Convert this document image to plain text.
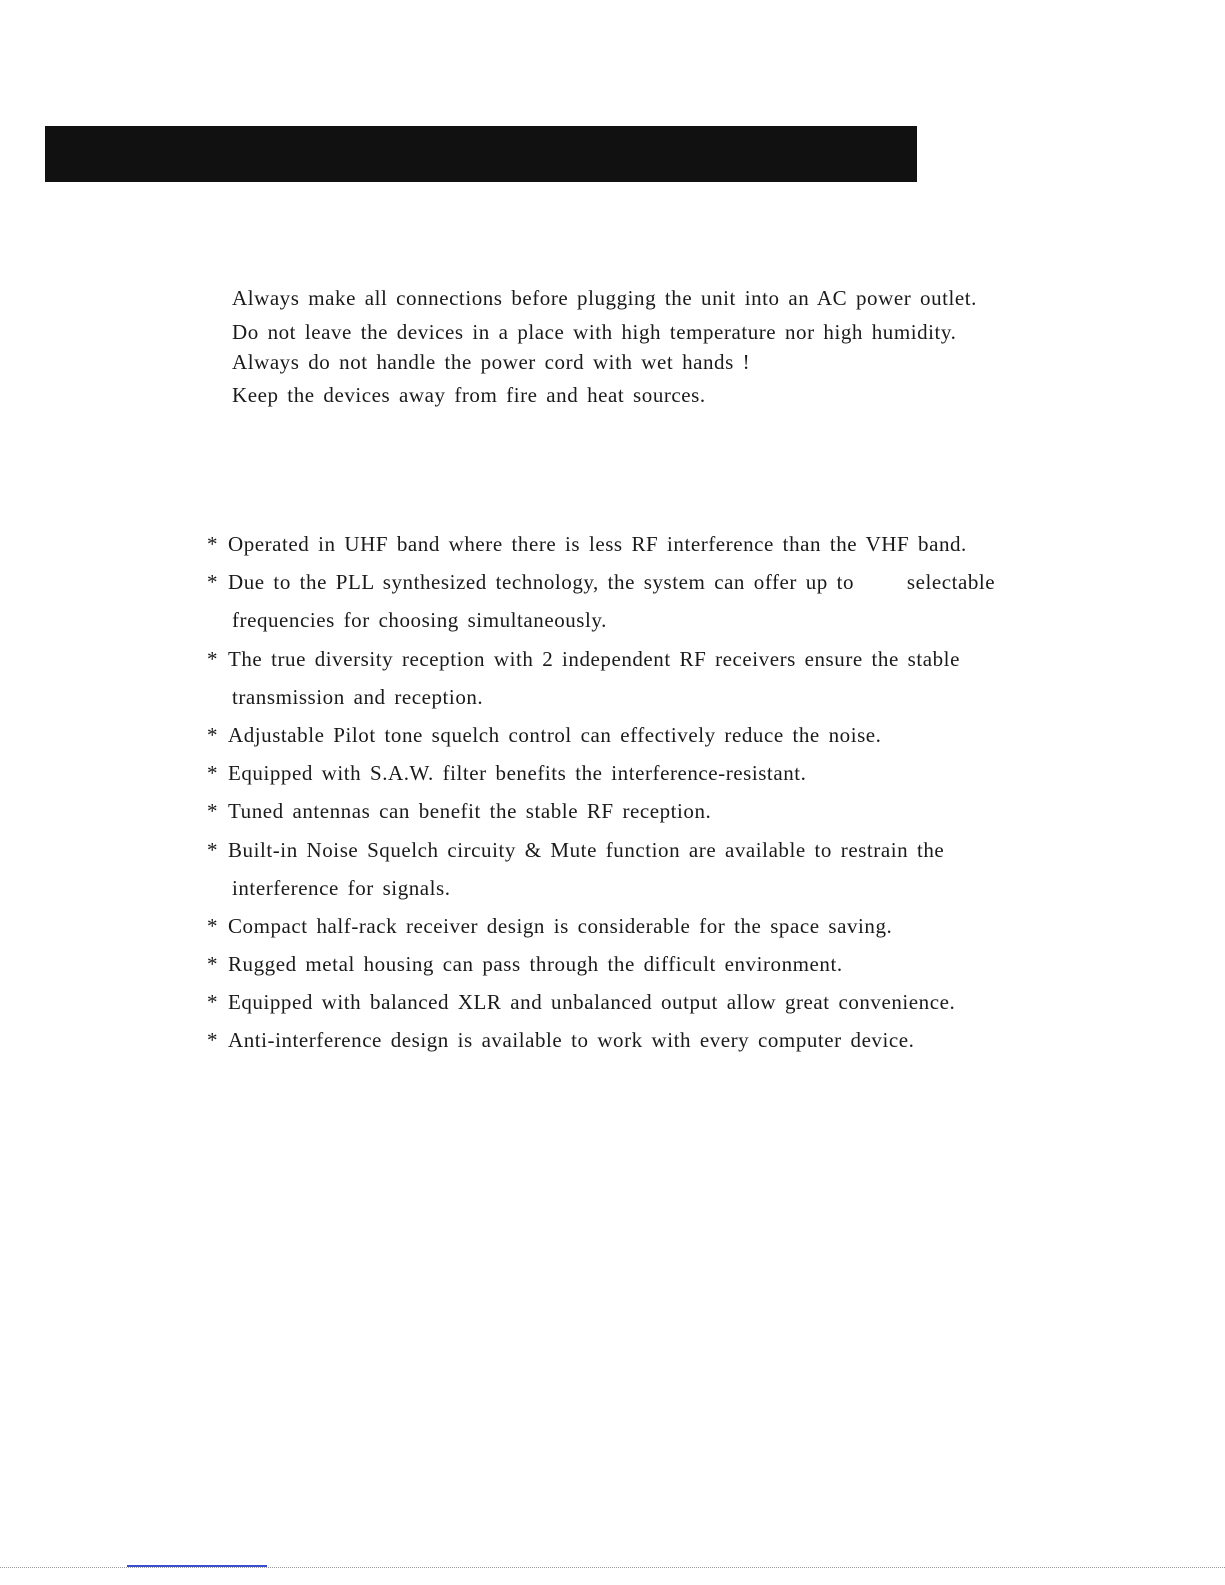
Always make all connections before plugging the unit into an AC power outlet.
Do not leave the devices in a place with high temperature nor high humidity.
Always do not handle the power cord with wet hands !
Keep the devices away from fire and heat sources.
* Operated in UHF band where there is less RF interference than the VHF band.
* Due to the PLL synthesized technology, the system can offer up to      selectable
frequencies for choosing simultaneously.
* The true diversity reception with 2 independent RF receivers ensure the stable
transmission and reception.
* Adjustable Pilot tone squelch control can effectively reduce the noise.
* Equipped with S.A.W. filter benefits the interference-resistant.
* Tuned antennas can benefit the stable RF reception.
* Built-in Noise Squelch circuity & Mute function are available to restrain the
interference for signals.
* Compact half-rack receiver design is considerable for the space saving.
* Rugged metal housing can pass through the difficult environment.
* Equipped with balanced XLR and unbalanced output allow great convenience.
* Anti-interference design is available to work with every computer device.
